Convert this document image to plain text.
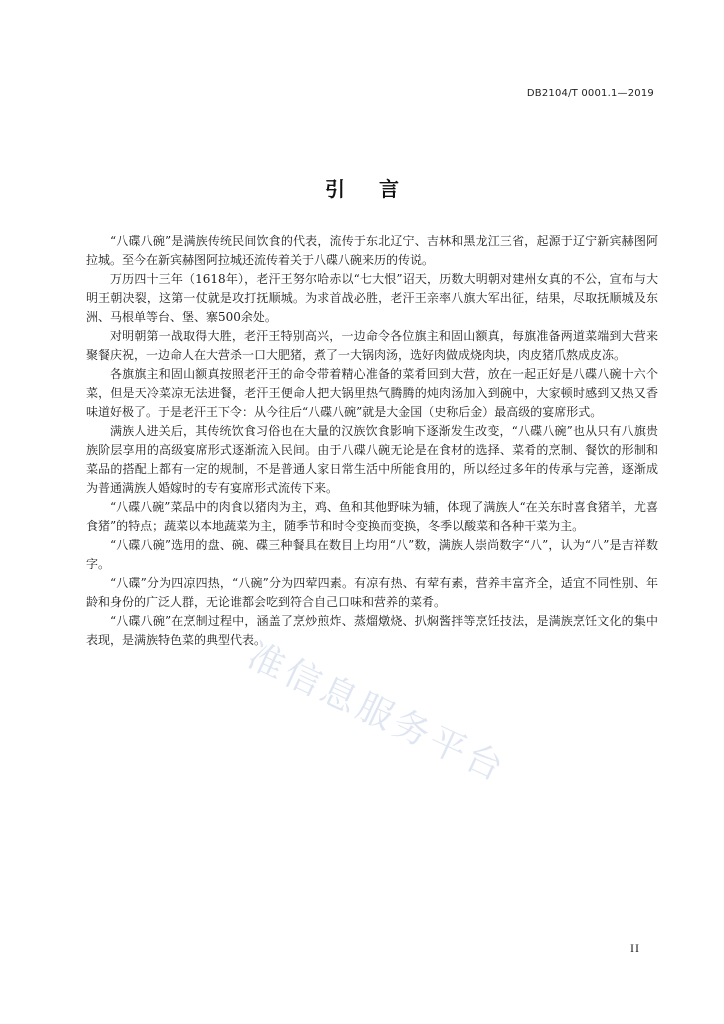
DB2104/T 0001.1—2019
引言

“八碟八碗”是满族传统民间饮食的代表，流传于东北辽宁、吉林和黑龙江三省，起源于辽宁新宾赫图阿拉城。至今在新宾赫图阿拉城还流传着关于八碟八碗来历的传说。

万历四十三年（1618年），老汗王努尔哈赤以“七大恨”诏天，历数大明朝对建州女真的不公，宣布与大明王朝决裂，这第一仗就是攻打抚顺城。为求首战必胜，老汗王亲率八旗大军出征，结果，尽取抚顺城及东洲、马根单等台、堡、寨500余处。

对明朝第一战取得大胜，老汗王特别高兴，一边命令各位旗主和固山额真，每旗准备两道菜端到大营来聚餐庆祝，一边命人在大营杀一口大肥猪，煮了一大锅肉汤，选好肉做成烧肉块，肉皮猪爪熬成皮冻。

各旗旗主和固山额真按照老汗王的命令带着精心准备的菜肴回到大营，放在一起正好是八碟八碗十六个菜，但是天冷菜凉无法进餐，老汗王便命人把大锅里热气腾腾的炖肉汤加入到碗中，大家顿时感到又热又香味道好极了。于是老汗王下令：从今往后“八碟八碗”就是大金国（史称后金）最高级的宴席形式。

满族人进关后，其传统饮食习俗也在大量的汉族饮食影响下逐渐发生改变，“八碟八碗”也从只有八旗贵族阶层享用的高级宴席形式逐渐流入民间。由于八碟八碗无论是在食材的选择、菜肴的烹制、餐饮的形制和菜品的搭配上都有一定的规制，不是普通人家日常生活中所能食用的，所以经过多年的传承与完善，逐渐成为普通满族人婚嫁时的专有宴席形式流传下来。

“八碟八碗”菜品中的肉食以猪肉为主，鸡、鱼和其他野味为辅，体现了满族人“在关东时喜食猪羊，尤喜食猪”的特点；蔬菜以本地蔬菜为主，随季节和时令变换而变换，冬季以酸菜和各种干菜为主。

“八碟八碗”选用的盘、碗、碟三种餐具在数目上均用“八”数，满族人崇尚数字“八”，认为“八”是吉祥数字。

“八碟”分为四凉四热，“八碗”分为四荤四素。有凉有热、有荤有素，营养丰富齐全，适宜不同性别、年龄和身份的广泛人群，无论谁都会吃到符合自己口味和营养的菜肴。

“八碟八碗”在烹制过程中，涵盖了烹炒煎炸、蒸熘燉烧、扒焖酱拌等烹饪技法，是满族烹饪文化的集中表现，是满族特色菜的典型代表。

准信息服务平台
II
